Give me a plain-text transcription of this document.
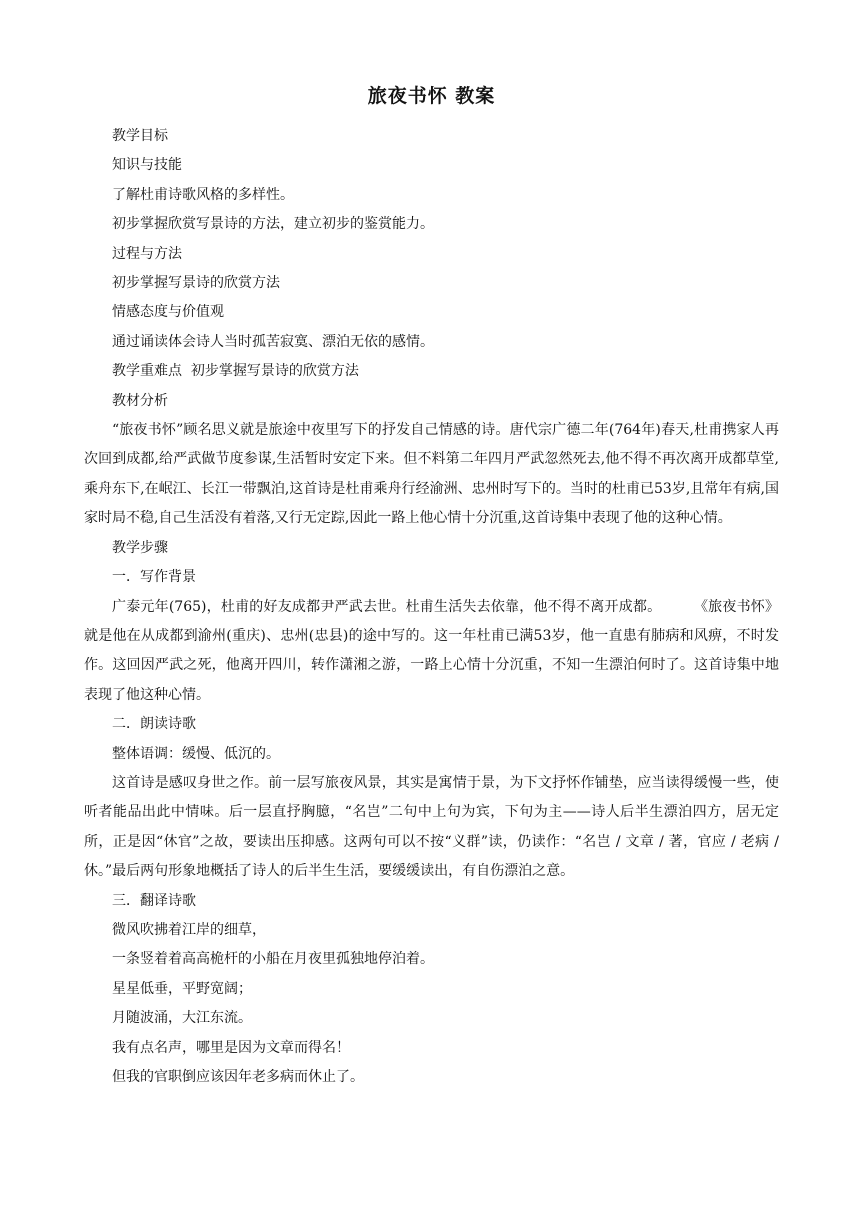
旅夜书怀 教案

教学目标

知识与技能

了解杜甫诗歌风格的多样性。

初步掌握欣赏写景诗的方法，建立初步的鉴赏能力。

过程与方法

初步掌握写景诗的欣赏方法

情感态度与价值观

通过诵读体会诗人当时孤苦寂寞、漂泊无依的感情。

教学重难点  初步掌握写景诗的欣赏方法

教材分析

“旅夜书怀”顾名思义就是旅途中夜里写下的抒发自己情感的诗。唐代宗广德二年(764年)春天,杜甫携家人再次回到成都,给严武做节度参谋,生活暂时安定下来。但不料第二年四月严武忽然死去,他不得不再次离开成都草堂,乘舟东下,在岷江、长江一带飘泊,这首诗是杜甫乘舟行经渝洲、忠州时写下的。当时的杜甫已53岁,且常年有病,国家时局不稳,自己生活没有着落,又行无定踪,因此一路上他心情十分沉重,这首诗集中表现了他的这种心情。

教学步骤

一．写作背景

广泰元年(765)，杜甫的好友成都尹严武去世。杜甫生活失去依靠，他不得不离开成都。       《旅夜书怀》就是他在从成都到渝州(重庆)、忠州(忠县)的途中写的。这一年杜甫已满53岁，他一直患有肺病和风痹，不时发作。这回因严武之死，他离开四川，转作潇湘之游，一路上心情十分沉重，不知一生漂泊何时了。这首诗集中地表现了他这种心情。

二．朗读诗歌

整体语调：缓慢、低沉的。

这首诗是感叹身世之作。前一层写旅夜风景，其实是寓情于景，为下文抒怀作铺垫，应当读得缓慢一些，使听者能品出此中情味。后一层直抒胸臆，“名岂”二句中上句为宾，下句为主——诗人后半生漂泊四方，居无定所，正是因“休官”之故，要读出压抑感。这两句可以不按“义群”读，仍读作：“名岂 / 文章 / 著，官应 / 老病 / 休。”最后两句形象地概括了诗人的后半生生活，要缓缓读出，有自伤漂泊之意。

三．翻译诗歌

微风吹拂着江岸的细草，

一条竖着着高高桅杆的小船在月夜里孤独地停泊着。

星星低垂，平野宽阔；

月随波涌，大江东流。

我有点名声，哪里是因为文章而得名！

但我的官职倒应该因年老多病而休止了。
